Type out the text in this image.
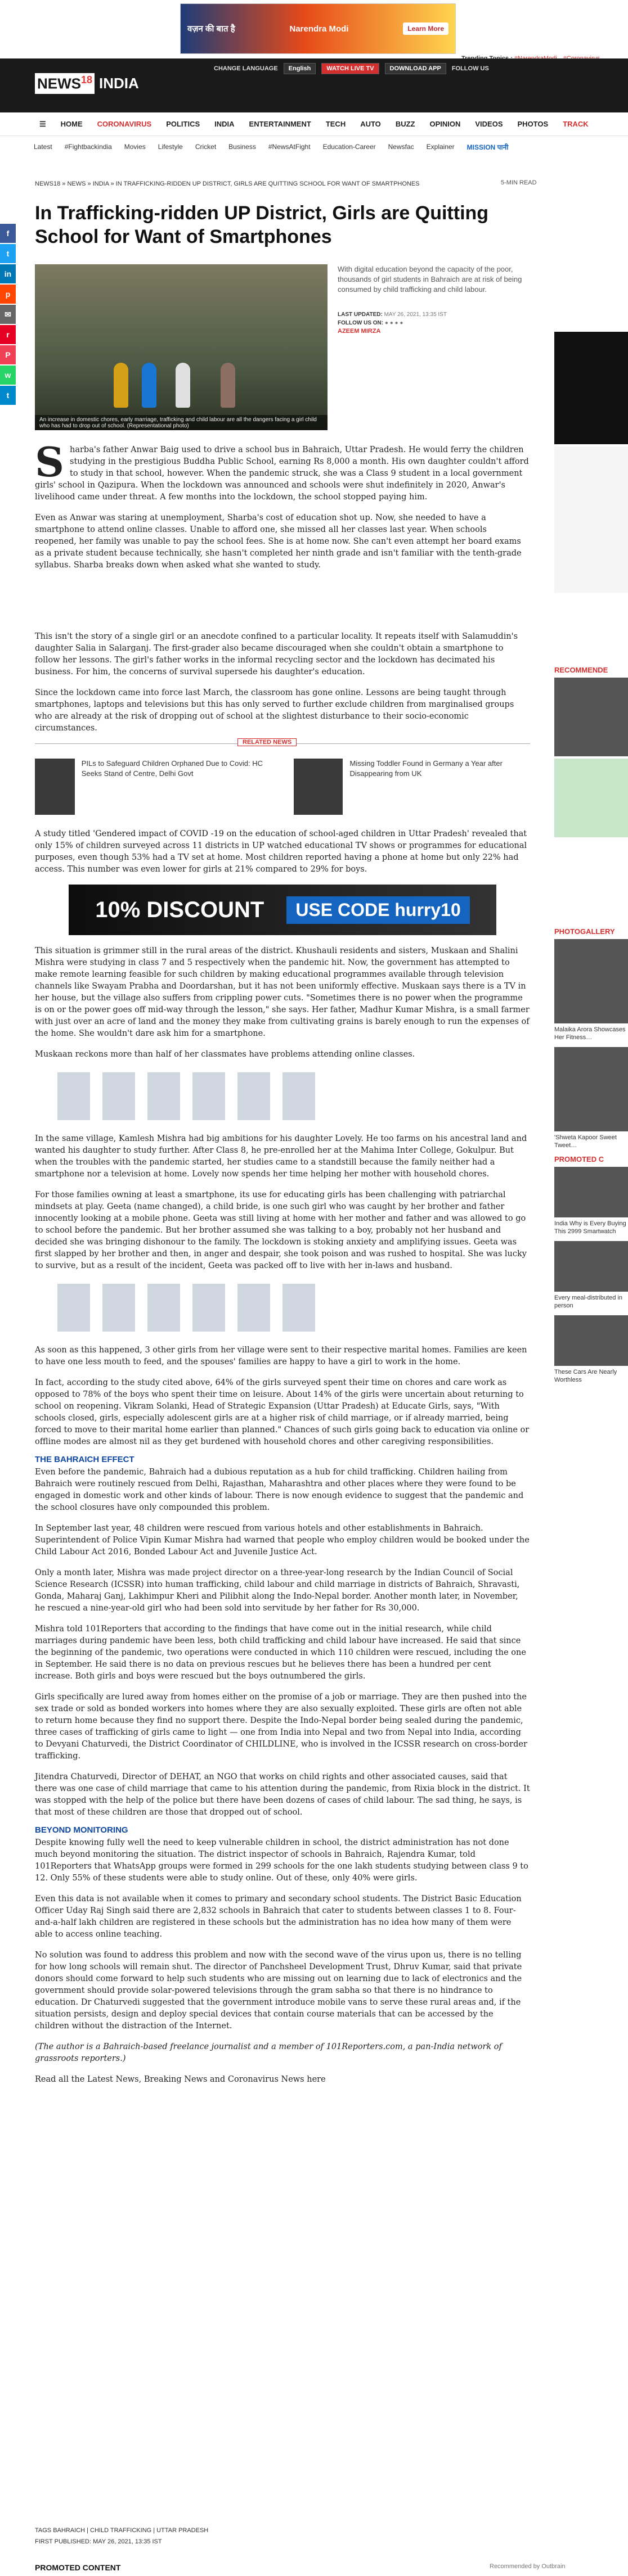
वज़न की बात है	Narendra Modi	Learn More
NEWS$^{18}$ INDIA
CHANGE LANGUAGE	English	WATCH LIVE TV	DOWNLOAD APP	FOLLOW US
☰ HOME CORONAVIRUS POLITICS INDIA ENTERTAINMENT TECH AUTO BUZZ OPINION VIDEOS PHOTOS TRACK
Latest #Fightbackindia Movies Lifestyle Cricket Business #NewsAtFight Education-Career Newsfac Explainer MISSION पानी
f
t
in
p
✉
r
P
w
t
NEWS18 » NEWS » INDIA » IN TRAFFICKING-RIDDEN UP DISTRICT, GIRLS ARE QUITTING SCHOOL FOR WANT OF SMARTPHONES	5-MIN READ
In Trafficking-ridden UP District, Girls are Quitting School for Want of Smartphones
An increase in domestic chores, early marriage, trafficking and child labour are all the dangers facing a girl child who has had to drop out of school. (Representational photo)
With digital education beyond the capacity of the poor, thousands of girl students in Bahraich are at risk of being consumed by child trafficking and child labour.
LAST UPDATED: MAY 26, 2021, 13:35 IST
FOLLOW US ON: ● ● ● ●
AZEEM MIRZA

Sharba's father Anwar Baig used to drive a school bus in Bahraich, Uttar Pradesh. He would ferry the children studying in the prestigious Buddha Public School, earning Rs 8,000 a month. His own daughter couldn't afford to study in that school, however. When the pandemic struck, she was a Class 9 student in a local government girls' school in Qazipura. When the lockdown was announced and schools were shut indefinitely in 2020, Anwar's livelihood came under threat. A few months into the lockdown, the school stopped paying him.

Even as Anwar was staring at unemployment, Sharba's cost of education shot up. Now, she needed to have a smartphone to attend online classes. Unable to afford one, she missed all her classes last year. When schools reopened, her family was unable to pay the school fees. She is at home now. She can't even attempt her board exams as a private student because technically, she hasn't completed her ninth grade and isn't familiar with the tenth-grade syllabus. Sharba breaks down when asked what she wanted to study.

This isn't the story of a single girl or an anecdote confined to a particular locality. It repeats itself with Salamuddin's daughter Salia in Salarganj. The first-grader also became discouraged when she couldn't obtain a smartphone to follow her lessons. The girl's father works in the informal recycling sector and the lockdown has decimated his business. For him, the concerns of survival supersede his daughter's education.

Since the lockdown came into force last March, the classroom has gone online. Lessons are being taught through smartphones, laptops and televisions but this has only served to further exclude children from marginalised groups who are already at the risk of dropping out of school at the slightest disturbance to their socio-economic circumstances.

RELATED NEWS
PILs to Safeguard Children Orphaned Due to Covid: HC Seeks Stand of Centre, Delhi Govt
Missing Toddler Found in Germany a Year after Disappearing from UK

A study titled 'Gendered impact of COVID -19 on the education of school-aged children in Uttar Pradesh' revealed that only 15% of children surveyed across 11 districts in UP watched educational TV shows or programmes for educational purposes, even though 53% had a TV set at home. Most children reported having a phone at home but only 22% had access. This number was even lower for girls at 21% compared to 29% for boys.

10% DISCOUNT	USE CODE hurry10

This situation is grimmer still in the rural areas of the district. Khushauli residents and sisters, Muskaan and Shalini Mishra were studying in class 7 and 5 respectively when the pandemic hit. Now, the government has attempted to make remote learning feasible for such children by making educational programmes available through television channels like Swayam Prabha and Doordarshan, but it has not been uniformly effective. Muskaan says there is a TV in her house, but the village also suffers from crippling power cuts. "Sometimes there is no power when the programme is on or the power goes off mid-way through the lesson," she says. Her father, Madhur Kumar Mishra, is a small farmer with just over an acre of land and the money they make from cultivating grains is barely enough to run the expenses of the home. She wouldn't dare ask him for a smartphone.

Muskaan reckons more than half of her classmates have problems attending online classes.

In the same village, Kamlesh Mishra had big ambitions for his daughter Lovely. He too farms on his ancestral land and wanted his daughter to study further. After Class 8, he pre-enrolled her at the Mahima Inter College, Gokulpur. But when the troubles with the pandemic started, her studies came to a standstill because the family neither had a smartphone nor a television at home. Lovely now spends her time helping her mother with household chores.

For those families owning at least a smartphone, its use for educating girls has been challenging with patriarchal mindsets at play. Geeta (name changed), a child bride, is one such girl who was caught by her brother and father innocently looking at a mobile phone. Geeta was still living at home with her mother and father and was allowed to go to school before the pandemic. But her brother assumed she was talking to a boy, probably not her husband and decided she was bringing dishonour to the family. The lockdown is stoking anxiety and amplifying issues. Geeta was first slapped by her brother and then, in anger and despair, she took poison and was rushed to hospital. She was lucky to survive, but as a result of the incident, Geeta was packed off to live with her in-laws and husband.

As soon as this happened, 3 other girls from her village were sent to their respective marital homes. Families are keen to have one less mouth to feed, and the spouses' families are happy to have a girl to work in the home.

In fact, according to the study cited above, 64% of the girls surveyed spent their time on chores and care work as opposed to 78% of the boys who spent their time on leisure. About 14% of the girls were uncertain about returning to school on reopening. Vikram Solanki, Head of Strategic Expansion (Uttar Pradesh) at Educate Girls, says, "With schools closed, girls, especially adolescent girls are at a higher risk of child marriage, or if already married, being forced to move to their marital home earlier than planned." Chances of such girls going back to education via online or offline modes are almost nil as they get burdened with household chores and other caregiving responsibilities.

THE BAHRAICH EFFECT

Even before the pandemic, Bahraich had a dubious reputation as a hub for child trafficking. Children hailing from Bahraich were routinely rescued from Delhi, Rajasthan, Maharashtra and other places where they were found to be engaged in domestic work and other kinds of labour. There is now enough evidence to suggest that the pandemic and the school closures have only compounded this problem.

In September last year, 48 children were rescued from various hotels and other establishments in Bahraich. Superintendent of Police Vipin Kumar Mishra had warned that people who employ children would be booked under the Child Labour Act 2016, Bonded Labour Act and Juvenile Justice Act.

Only a month later, Mishra was made project director on a three-year-long research by the Indian Council of Social Science Research (ICSSR) into human trafficking, child labour and child marriage in districts of Bahraich, Shravasti, Gonda, Maharaj Ganj, Lakhimpur Kheri and Pilibhit along the Indo-Nepal border. Another month later, in November, he rescued a nine-year-old girl who had been sold into servitude by her father for Rs 30,000.

Mishra told 101Reporters that according to the findings that have come out in the initial research, while child marriages during pandemic have been less, both child trafficking and child labour have increased. He said that since the beginning of the pandemic, two operations were conducted in which 110 children were rescued, including the one in September. He said there is no data on previous rescues but he believes there has been a hundred per cent increase. Both girls and boys were rescued but the boys outnumbered the girls.

Girls specifically are lured away from homes either on the promise of a job or marriage. They are then pushed into the sex trade or sold as bonded workers into homes where they are also sexually exploited. These girls are often not able to return home because they find no support there. Despite the Indo-Nepal border being sealed during the pandemic, three cases of trafficking of girls came to light — one from India into Nepal and two from Nepal into India, according to Devyani Chaturvedi, the District Coordinator of CHILDLINE, who is involved in the ICSSR research on cross-border trafficking.

Jitendra Chaturvedi, Director of DEHAT, an NGO that works on child rights and other associated causes, said that there was one case of child marriage that came to his attention during the pandemic, from Rixia block in the district. It was stopped with the help of the police but there have been dozens of cases of child labour. The sad thing, he says, is that most of these children are those that dropped out of school.

BEYOND MONITORING

Despite knowing fully well the need to keep vulnerable children in school, the district administration has not done much beyond monitoring the situation. The district inspector of schools in Bahraich, Rajendra Kumar, told 101Reporters that WhatsApp groups were formed in 299 schools for the one lakh students studying between class 9 to 12. Only 55% of these students were able to study online. Out of these, only 40% were girls.

Even this data is not available when it comes to primary and secondary school students. The District Basic Education Officer Uday Raj Singh said there are 2,832 schools in Bahraich that cater to students between classes 1 to 8. Four-and-a-half lakh children are registered in these schools but the administration has no idea how many of them were able to access online teaching.

No solution was found to address this problem and now with the second wave of the virus upon us, there is no telling for how long schools will remain shut. The director of Panchsheel Development Trust, Dhruv Kumar, said that private donors should come forward to help such students who are missing out on learning due to lack of electronics and the government should provide solar-powered televisions through the gram sabha so that there is no hindrance to education. Dr Chaturvedi suggested that the government introduce mobile vans to serve these rural areas and, if the situation persists, design and deploy special devices that contain course materials that can be accessed by the children without the distraction of the Internet.

(The author is a Bahraich-based freelance journalist and a member of 101Reporters.com, a pan-India network of grassroots reporters.)

Read all the Latest News, Breaking News and Coronavirus News here

TAGS BAHRAICH | CHILD TRAFFICKING | UTTAR PRADESH
FIRST PUBLISHED: MAY 26, 2021, 13:35 IST
PROMOTED CONTENT	Recommended by Outbrain
RECOMMENDE
PHOTOGALLERY
Malaika Arora Showcases Her Fitness…
'Shweta Kapoor Sweet Tweet…
PROMOTED C
India Why is Every Buying This 2999 Smartwatch
Every meal-distributed in person
These Cars Are Nearly Worthless
